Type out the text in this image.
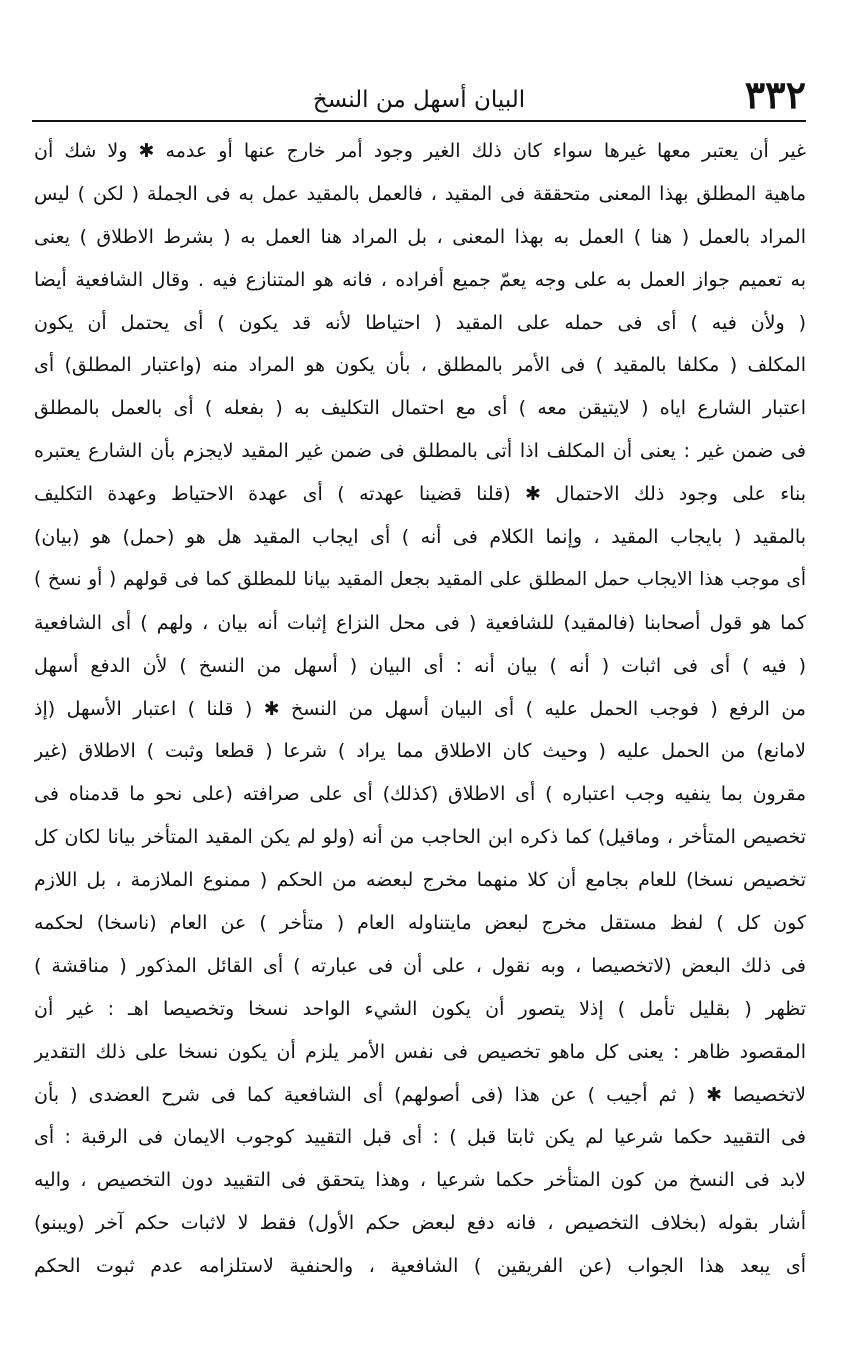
٣٣٢
البيان أسهل من النسخ
غير أن يعتبر معها غيرها سواء كان ذلك الغير وجود أمر خارج عنها أو عدمه ✱ ولا شك أن
ماهية المطلق بهذا المعنى متحققة فى المقيد ، فالعمل بالمقيد عمل به فى الجملة ( لكن ) ليس
المراد بالعمل ( هنا ) العمل به بهذا المعنى ، بل المراد هنا العمل به ( بشرط الاطلاق ) يعنى
به تعميم جواز العمل به على وجه يعمّ جميع أفراده ، فانه هو المتنازع فيه . وقال الشافعية أيضا
( ولأن فيه ) أى فى حمله على المقيد ( احتياطا لأنه قد يكون ) أى يحتمل أن يكون
المكلف ( مكلفا بالمقيد ) فى الأمر بالمطلق ، بأن يكون هو المراد منه (واعتبار المطلق) أى
اعتبار الشارع اياه ( لايتيقن معه ) أى مع احتمال التكليف به ( بفعله ) أى بالعمل بالمطلق
فى ضمن غير : يعنى أن المكلف اذا أتى بالمطلق فى ضمن غير المقيد لايجزم بأن الشارع يعتبره
بناء على وجود ذلك الاحتمال ✱ (قلنا قضينا عهدته ) أى عهدة الاحتياط وعهدة التكليف
بالمقيد ( بايجاب المقيد ، وإنما الكلام فى أنه ) أى ايجاب المقيد هل هو (حمل) هو (بيان)
أى موجب هذا الايجاب حمل المطلق على المقيد بجعل المقيد بيانا للمطلق كما فى قولهم ( أو نسخ )
كما هو قول أصحابنا (فالمقيد) للشافعية ( فى محل النزاع إثبات أنه بيان ، ولهم ) أى الشافعية
( فيه ) أى فى اثبات ( أنه ) بيان أنه : أى البيان ( أسهل من النسخ ) لأن الدفع أسهل
من الرفع ( فوجب الحمل عليه ) أى البيان أسهل من النسخ ✱ ( قلنا ) اعتبار الأسهل (إذ
لامانع) من الحمل عليه ( وحيث كان الاطلاق مما يراد ) شرعا ( قطعا وثبت ) الاطلاق (غير
مقرون بما ينفيه وجب اعتباره ) أى الاطلاق (كذلك) أى على صرافته (على نحو ما قدمناه فى
تخصيص المتأخر ، وماقيل) كما ذكره ابن الحاجب من أنه (ولو لم يكن المقيد المتأخر بيانا لكان كل
تخصيص نسخا) للعام بجامع أن كلا منهما مخرج لبعضه من الحكم ( ممنوع الملازمة ، بل اللازم
كون كل ) لفظ مستقل مخرج لبعض مايتناوله العام ( متأخر ) عن العام (ناسخا) لحكمه
فى ذلك البعض (لاتخصيصا ، وبه نقول ، على أن فى عبارته ) أى القائل المذكور ( مناقشة )
تظهر ( بقليل تأمل ) إذلا يتصور أن يكون الشيء الواحد نسخا وتخصيصا اهـ : غير أن
المقصود ظاهر : يعنى كل ماهو تخصيص فى نفس الأمر يلزم أن يكون نسخا على ذلك التقدير
لاتخصيصا ✱ ( ثم أجيب ) عن هذا (فى أصولهم) أى الشافعية كما فى شرح العضدى ( بأن
فى التقييد حكما شرعيا لم يكن ثابتا قبل ) : أى قبل التقييد كوجوب الايمان فى الرقبة : أى
لابد فى النسخ من كون المتأخر حكما شرعيا ، وهذا يتحقق فى التقييد دون التخصيص ، واليه
أشار بقوله (بخلاف التخصيص ، فانه دفع لبعض حكم الأول) فقط لا لاثبات حكم آخر (ويبنو)
أى يبعد هذا الجواب (عن الفريقين ) الشافعية ، والحنفية لاستلزامه عدم ثبوت الحكم
